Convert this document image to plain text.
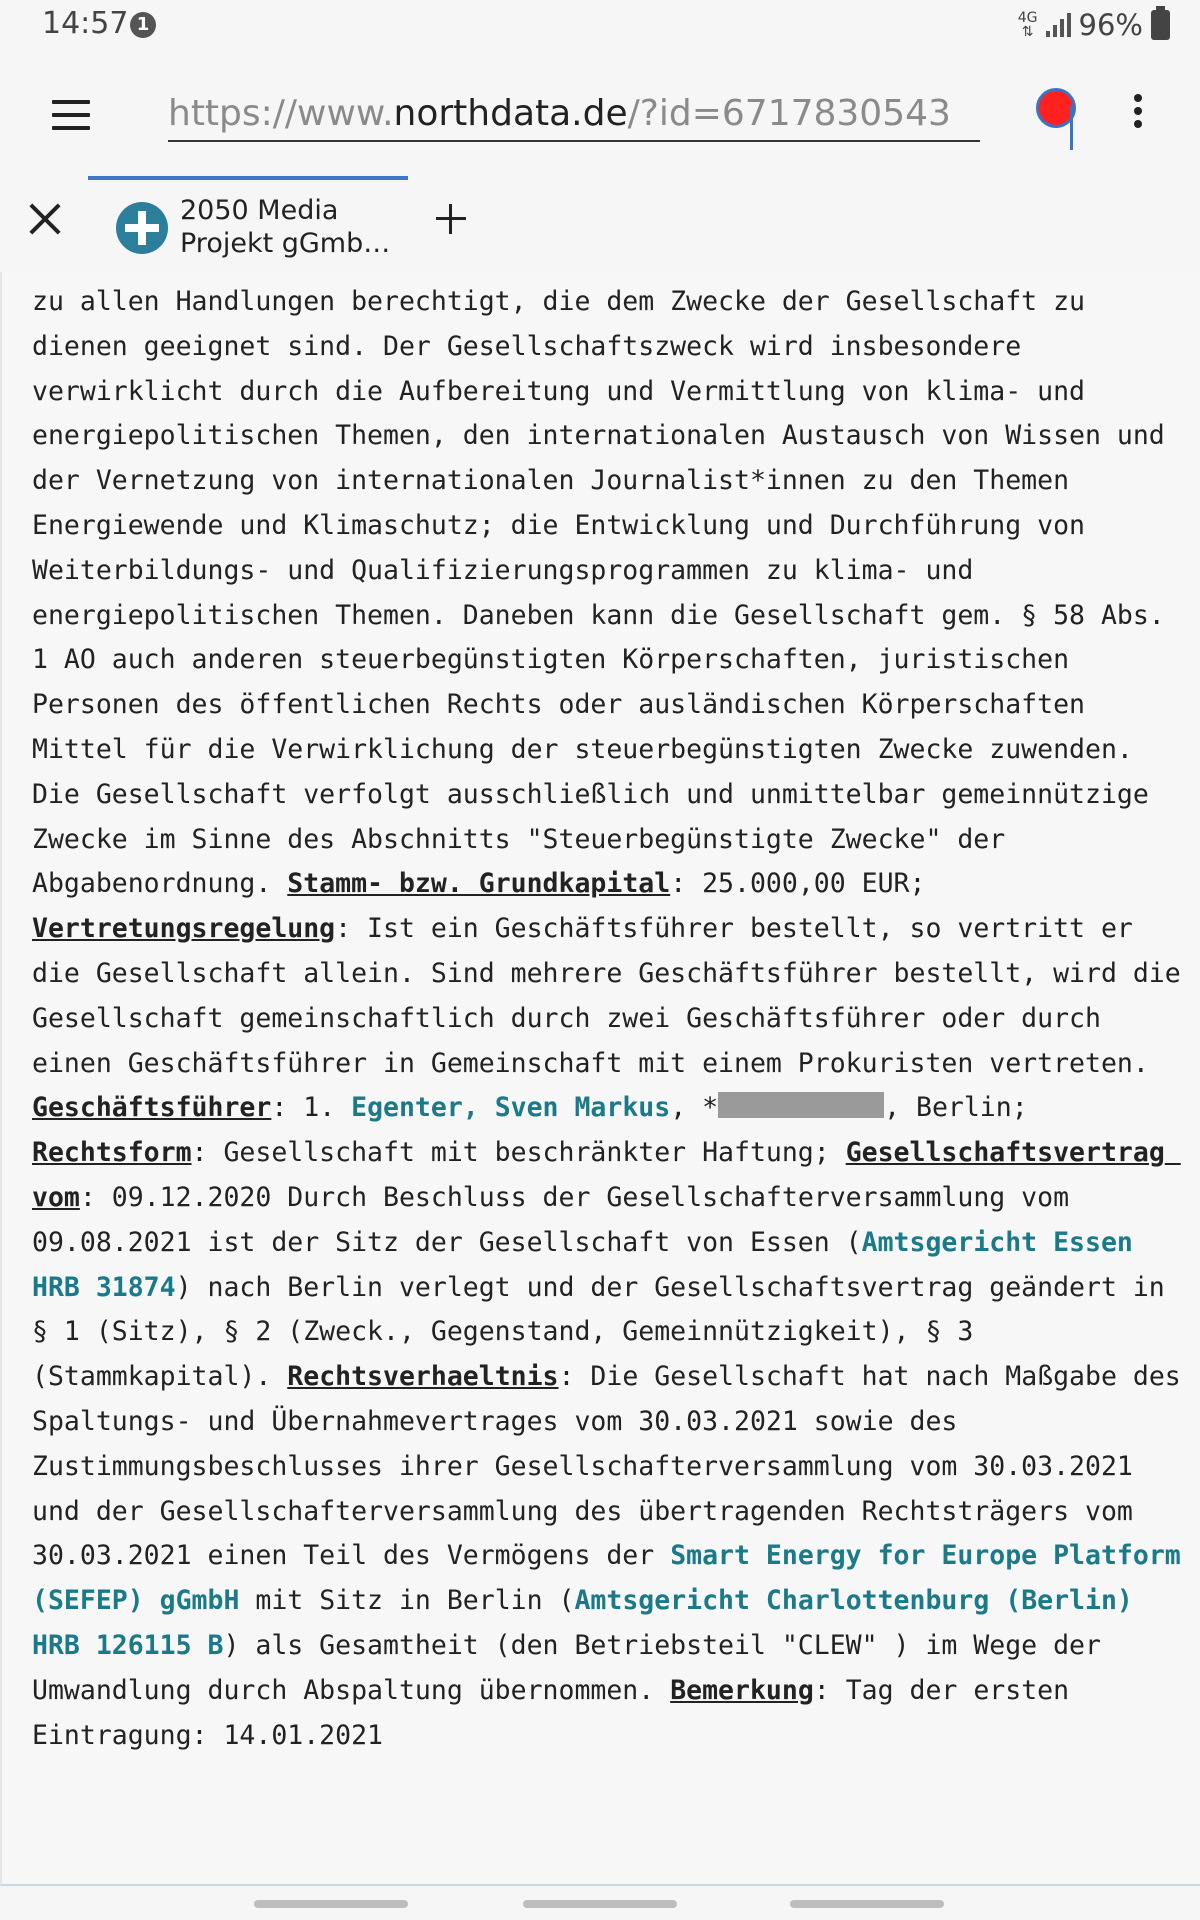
14:57 1	4G
⇅ 96%
https://www.northdata.de/?id=6717830543
2050 Media
Projekt gGmb…
zu allen Handlungen berechtigt, die dem Zwecke der Gesellschaft zu dienen geeignet sind. Der Gesellschaftszweck wird insbesondere verwirklicht durch die Aufbereitung und Vermittlung von klima- und energiepolitischen Themen, den internationalen Austausch von Wissen und der Vernetzung von internationalen Journalist*innen zu den Themen Energiewende und Klimaschutz; die Entwicklung und Durchführung von Weiterbildungs- und Qualifizierungsprogrammen zu klima- und energiepolitischen Themen. Daneben kann die Gesellschaft gem. § 58 Abs. 1 AO auch anderen steuerbegünstigten Körperschaften, juristischen Personen des öffentlichen Rechts oder ausländischen Körperschaften Mittel für die Verwirklichung der steuerbegünstigten Zwecke zuwenden. Die Gesellschaft verfolgt ausschließlich und unmittelbar gemeinnützige Zwecke im Sinne des Abschnitts "Steuerbegünstigte Zwecke" der Abgabenordnung. Stamm- bzw. Grundkapital: 25.000,00 EUR; Vertretungsregelung: Ist ein Geschäftsführer bestellt, so vertritt er die Gesellschaft allein. Sind mehrere Geschäftsführer bestellt, wird die Gesellschaft gemeinschaftlich durch zwei Geschäftsführer oder durch einen Geschäftsführer in Gemeinschaft mit einem Prokuristen vertreten. Geschäftsführer: 1. Egenter, Sven Markus, *	, Berlin; Rechtsform: Gesellschaft mit beschränkter Haftung; Gesellschaftsvertrag vom: 09.12.2020 Durch Beschluss der Gesellschafterversammlung vom 09.08.2021 ist der Sitz der Gesellschaft von Essen (Amtsgericht Essen HRB 31874) nach Berlin verlegt und der Gesellschaftsvertrag geändert in § 1 (Sitz), § 2 (Zweck., Gegenstand, Gemeinnützigkeit), § 3 (Stammkapital). Rechtsverhaeltnis: Die Gesellschaft hat nach Maßgabe des Spaltungs- und Übernahmevertrages vom 30.03.2021 sowie des Zustimmungsbeschlusses ihrer Gesellschafterversammlung vom 30.03.2021 und der Gesellschafterversammlung des übertragenden Rechtsträgers vom 30.03.2021 einen Teil des Vermögens der Smart Energy for Europe Platform (SEFEP) gGmbH mit Sitz in Berlin (Amtsgericht Charlottenburg (Berlin) HRB 126115 B) als Gesamtheit (den Betriebsteil "CLEW" ) im Wege der Umwandlung durch Abspaltung übernommen. Bemerkung: Tag der ersten Eintragung: 14.01.2021
